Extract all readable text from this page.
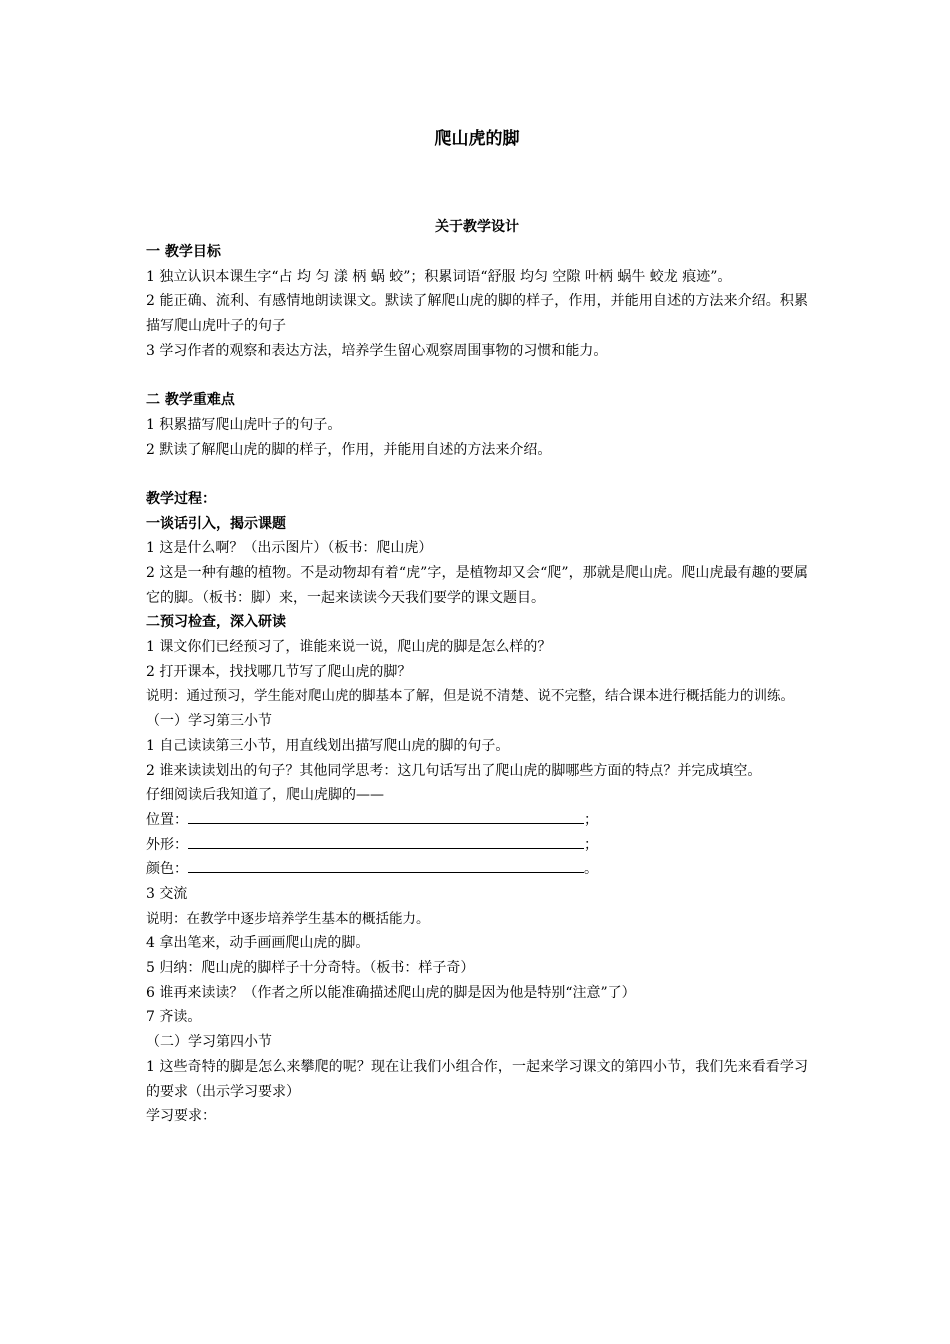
爬山虎的脚
关于教学设计
一 教学目标
1 独立认识本课生字“占 均 匀 漾 柄 蜗 蛟”；积累词语“舒服 均匀 空隙 叶柄 蜗牛 蛟龙 痕迹”。
2 能正确、流利、有感情地朗读课文。默读了解爬山虎的脚的样子，作用，并能用自述的方法来介绍。积累描写爬山虎叶子的句子
3 学习作者的观察和表达方法，培养学生留心观察周围事物的习惯和能力。
二 教学重难点
1 积累描写爬山虎叶子的句子。
2 默读了解爬山虎的脚的样子，作用，并能用自述的方法来介绍。
教学过程：
一谈话引入，揭示课题
1 这是什么啊？（出示图片）（板书：爬山虎）
2 这是一种有趣的植物。不是动物却有着“虎”字，是植物却又会“爬”，那就是爬山虎。爬山虎最有趣的要属它的脚。（板书：脚）来，一起来读读今天我们要学的课文题目。
二预习检查，深入研读
1 课文你们已经预习了，谁能来说一说，爬山虎的脚是怎么样的？
2 打开课本，找找哪几节写了爬山虎的脚？
说明：通过预习，学生能对爬山虎的脚基本了解，但是说不清楚、说不完整，结合课本进行概括能力的训练。
（一）学习第三小节
1 自己读读第三小节，用直线划出描写爬山虎的脚的句子。
2 谁来读读划出的句子？其他同学思考：这几句话写出了爬山虎的脚哪些方面的特点？并完成填空。
仔细阅读后我知道了，爬山虎脚的——
位置：	；
外形：	；
颜色：	。
3 交流
说明：在教学中逐步培养学生基本的概括能力。
4 拿出笔来，动手画画爬山虎的脚。
5 归纳：爬山虎的脚样子十分奇特。（板书：样子奇）
6 谁再来读读？（作者之所以能准确描述爬山虎的脚是因为他是特别“注意”了）
7 齐读。
（二）学习第四小节
1 这些奇特的脚是怎么来攀爬的呢？现在让我们小组合作，一起来学习课文的第四小节，我们先来看看学习的要求（出示学习要求）
学习要求：
